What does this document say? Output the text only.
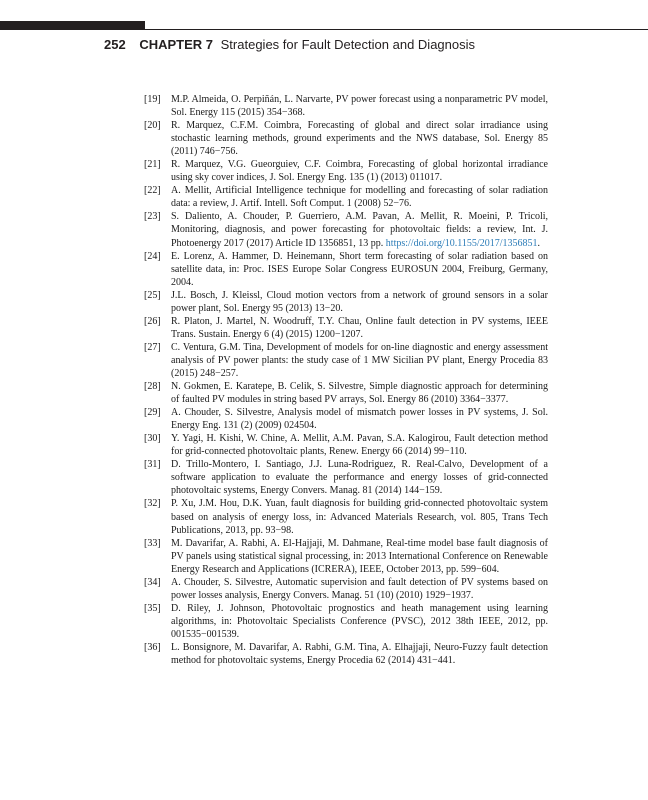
252 CHAPTER 7 Strategies for Fault Detection and Diagnosis
[19] M.P. Almeida, O. Perpiñán, L. Narvarte, PV power forecast using a nonparametric PV model, Sol. Energy 115 (2015) 354−368.
[20] R. Marquez, C.F.M. Coimbra, Forecasting of global and direct solar irradiance using stochastic learning methods, ground experiments and the NWS database, Sol. Energy 85 (2011) 746−756.
[21] R. Marquez, V.G. Gueorguiev, C.F. Coimbra, Forecasting of global horizontal irradiance using sky cover indices, J. Sol. Energy Eng. 135 (1) (2013) 011017.
[22] A. Mellit, Artificial Intelligence technique for modelling and forecasting of solar radiation data: a review, J. Artif. Intell. Soft Comput. 1 (2008) 52−76.
[23] S. Daliento, A. Chouder, P. Guerriero, A.M. Pavan, A. Mellit, R. Moeini, P. Tricoli, Monitoring, diagnosis, and power forecasting for photovoltaic fields: a review, Int. J. Photoenergy 2017 (2017) Article ID 1356851, 13 pp. https://doi.org/10.1155/2017/1356851.
[24] E. Lorenz, A. Hammer, D. Heinemann, Short term forecasting of solar radiation based on satellite data, in: Proc. ISES Europe Solar Congress EUROSUN 2004, Freiburg, Germany, 2004.
[25] J.L. Bosch, J. Kleissl, Cloud motion vectors from a network of ground sensors in a solar power plant, Sol. Energy 95 (2013) 13−20.
[26] R. Platon, J. Martel, N. Woodruff, T.Y. Chau, Online fault detection in PV systems, IEEE Trans. Sustain. Energy 6 (4) (2015) 1200−1207.
[27] C. Ventura, G.M. Tina, Development of models for on-line diagnostic and energy assessment analysis of PV power plants: the study case of 1 MW Sicilian PV plant, Energy Procedia 83 (2015) 248−257.
[28] N. Gokmen, E. Karatepe, B. Celik, S. Silvestre, Simple diagnostic approach for determining of faulted PV modules in string based PV arrays, Sol. Energy 86 (2010) 3364−3377.
[29] A. Chouder, S. Silvestre, Analysis model of mismatch power losses in PV systems, J. Sol. Energy Eng. 131 (2) (2009) 024504.
[30] Y. Yagi, H. Kishi, W. Chine, A. Mellit, A.M. Pavan, S.A. Kalogirou, Fault detection method for grid-connected photovoltaic plants, Renew. Energy 66 (2014) 99−110.
[31] D. Trillo-Montero, I. Santiago, J.J. Luna-Rodriguez, R. Real-Calvo, Development of a software application to evaluate the performance and energy losses of grid-connected photovoltaic systems, Energy Convers. Manag. 81 (2014) 144−159.
[32] P. Xu, J.M. Hou, D.K. Yuan, fault diagnosis for building grid-connected photovoltaic system based on analysis of energy loss, in: Advanced Materials Research, vol. 805, Trans Tech Publications, 2013, pp. 93−98.
[33] M. Davarifar, A. Rabhi, A. El-Hajjaji, M. Dahmane, Real-time model base fault diagnosis of PV panels using statistical signal processing, in: 2013 International Conference on Renewable Energy Research and Applications (ICRERA), IEEE, October 2013, pp. 599−604.
[34] A. Chouder, S. Silvestre, Automatic supervision and fault detection of PV systems based on power losses analysis, Energy Convers. Manag. 51 (10) (2010) 1929−1937.
[35] D. Riley, J. Johnson, Photovoltaic prognostics and heath management using learning algorithms, in: Photovoltaic Specialists Conference (PVSC), 2012 38th IEEE, 2012, pp. 001535−001539.
[36] L. Bonsignore, M. Davarifar, A. Rabhi, G.M. Tina, A. Elhajjaji, Neuro-Fuzzy fault detection method for photovoltaic systems, Energy Procedia 62 (2014) 431−441.
